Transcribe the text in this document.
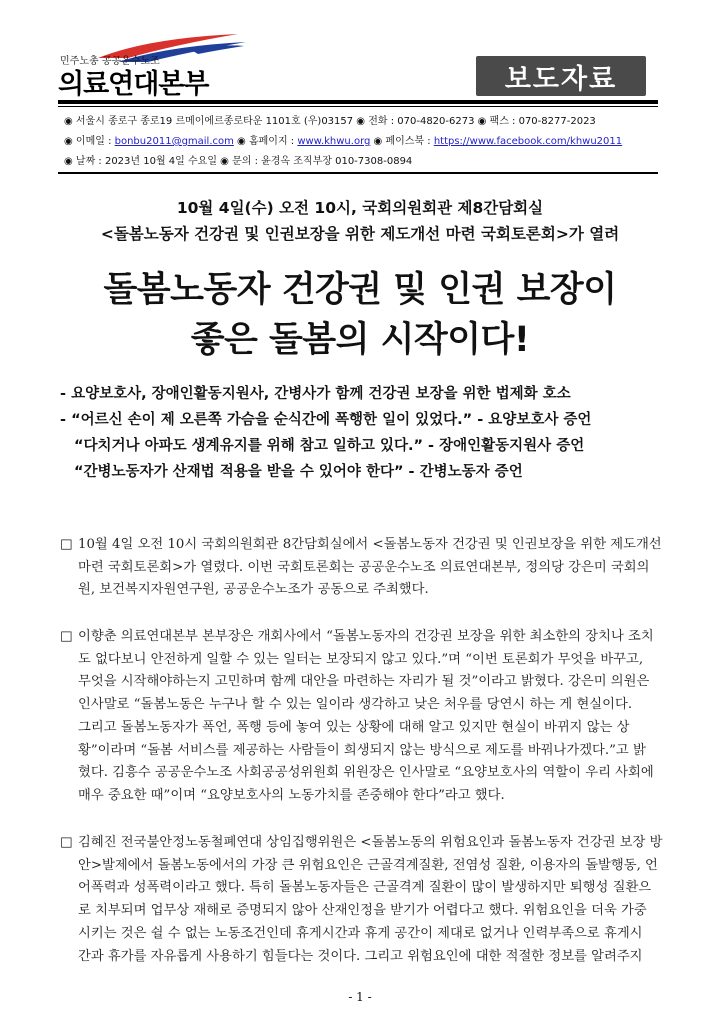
민주노총 공공운수노조
의료연대본부	보도자료
◉ 서울시 종로구 종로19 르메이에르종로타운 1101호 (우)03157 ◉ 전화 : 070-4820-6273 ◉ 팩스 : 070-8277-2023
◉ 이메일 : bonbu2011@gmail.com ◉ 홈페이지 : www.khwu.org ◉ 페이스북 : https://www.facebook.com/khwu2011
◉ 날짜 : 2023년 10월 4일 수요일 ◉ 문의 : 윤경옥 조직부장 010-7308-0894
10월 4일(수) 오전 10시, 국회의원회관 제8간담회실
<돌봄노동자 건강권 및 인권보장을 위한 제도개선 마련 국회토론회>가 열려
돌봄노동자 건강권 및 인권 보장이
좋은 돌봄의 시작이다!
- 요양보호사, 장애인활동지원사, 간병사가 함께 건강권 보장을 위한 법제화 호소
- “어르신 손이 제 오른쪽 가슴을 순식간에 폭행한 일이 있었다.” - 요양보호사 증언
“다치거나 아파도 생계유지를 위해 참고 일하고 있다.” - 장애인활동지원사 증언
“간병노동자가 산재법 적용을 받을 수 있어야 한다” - 간병노동자 증언
□ 10월 4일 오전 10시 국회의원회관 8간담회실에서 <돌봄노동자 건강권 및 인권보장을 위한 제도개선
마련 국회토론회>가 열렸다. 이번 국회토론회는 공공운수노조 의료연대본부, 정의당 강은미 국회의
원, 보건복지자원연구원, 공공운수노조가 공동으로 주최했다.
□ 이향춘 의료연대본부 본부장은 개회사에서 “돌봄노동자의 건강권 보장을 위한 최소한의 장치나 조치
도 없다보니 안전하게 일할 수 있는 일터는 보장되지 않고 있다.”며 “이번 토론회가 무엇을 바꾸고,
무엇을 시작해야하는지 고민하며 함께 대안을 마련하는 자리가 될 것”이라고 밝혔다. 강은미 의원은
인사말로 “돌봄노동은 누구나 할 수 있는 일이라 생각하고 낮은 처우를 당연시 하는 게 현실이다.
그리고 돌봄노동자가 폭언, 폭행 등에 놓여 있는 상황에 대해 알고 있지만 현실이 바뀌지 않는 상
황”이라며 “돌봄 서비스를 제공하는 사람들이 희생되지 않는 방식으로 제도를 바꿔나가겠다.”고 밝
혔다. 김흥수 공공운수노조 사회공공성위원회 위원장은 인사말로 “요양보호사의 역할이 우리 사회에
매우 중요한 때”이며 “요양보호사의 노동가치를 존중해야 한다”라고 했다.
□ 김혜진 전국불안정노동철폐연대 상임집행위원은 <돌봄노동의 위험요인과 돌봄노동자 건강권 보장 방
안>발제에서 돌봄노동에서의 가장 큰 위험요인은 근골격계질환, 전염성 질환, 이용자의 돌발행동, 언
어폭력과 성폭력이라고 했다. 특히 돌봄노동자들은 근골격계 질환이 많이 발생하지만 퇴행성 질환으
로 치부되며 업무상 재해로 증명되지 않아 산재인정을 받기가 어렵다고 했다. 위험요인을 더욱 가중
시키는 것은 쉴 수 없는 노동조건인데 휴게시간과 휴게 공간이 제대로 없거나 인력부족으로 휴게시
간과 휴가를 자유롭게 사용하기 힘들다는 것이다. 그리고 위험요인에 대한 적절한 정보를 알려주지
- 1 -
